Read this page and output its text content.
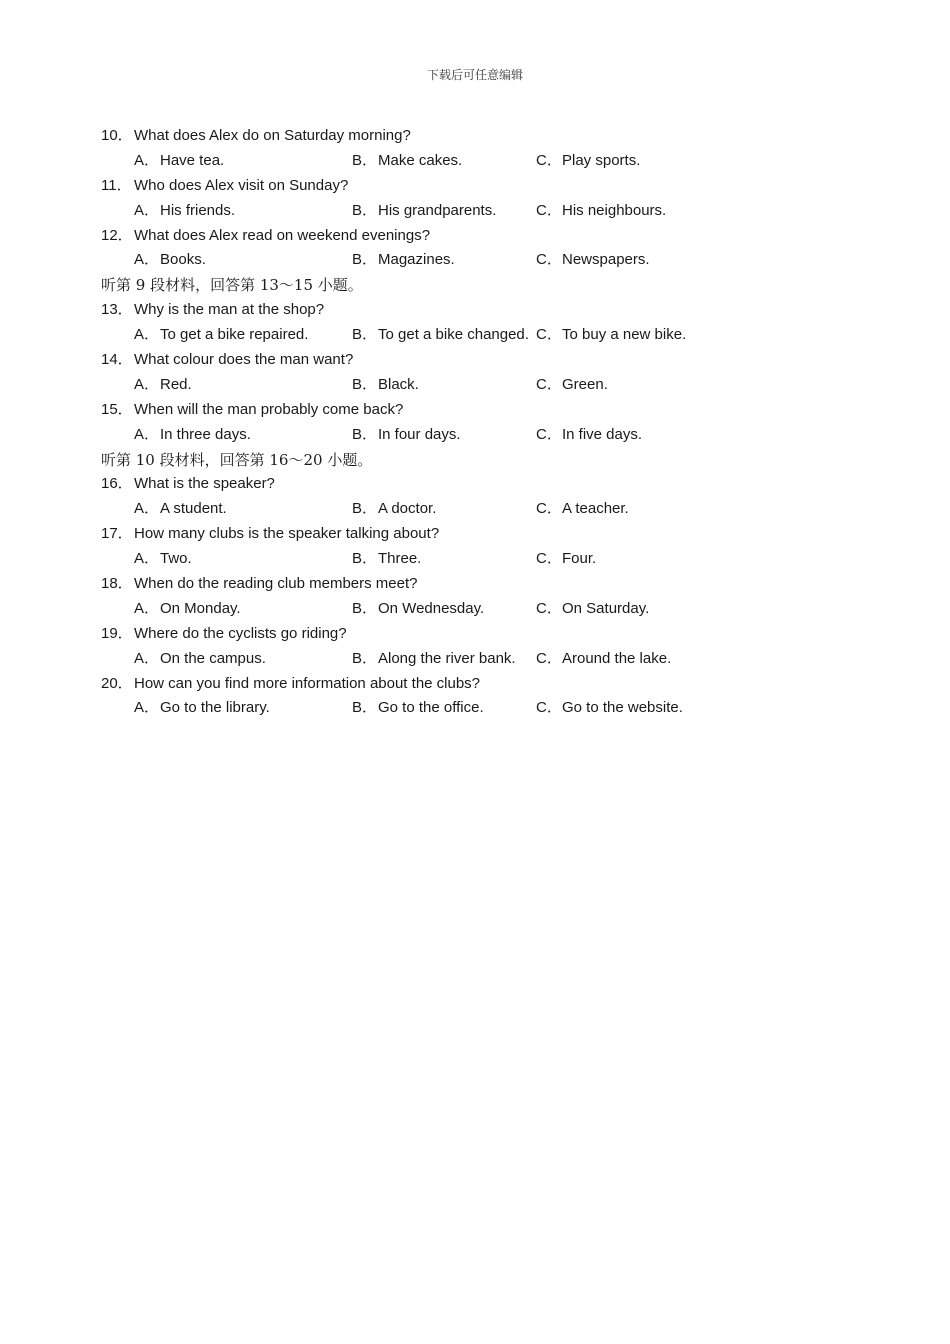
下载后可任意编辑
10．What does Alex do on Saturday morning?
A．Have tea.	B．Make cakes.	C．Play sports.
11． Who does Alex visit on Sunday?
A．His friends.	B．His grandparents.	C．His neighbours.
12．What does Alex read on weekend evenings?
A．Books.	B．Magazines.	C．Newspapers.
听第 9 段材料，回答第 13～15 小题。
13．Why is the man at the shop?
A．To get a bike repaired.	B．To get a bike changed. C．To buy a new bike.
14．What colour does the man want?
A．Red.	B．Black.	C．Green.
15．When will the man probably come back?
A．In three days.	B．In four days.	C．In five days.
听第 10 段材料，回答第 16～20 小题。
16．What is the speaker?
A．A student.	B．A doctor.	C．A teacher.
17．How many clubs is the speaker talking about?
A．Two.	B．Three.	C．Four.
18．When do the reading club members meet?
A．On Monday.	B．On Wednesday.	C．On Saturday.
19．Where do the cyclists go riding?
A．On the campus.	B．Along the river bank. C．Around the lake.
20．How can you find more information about the clubs?
A．Go to the library.	B．Go to the office.	C．Go to the website.
